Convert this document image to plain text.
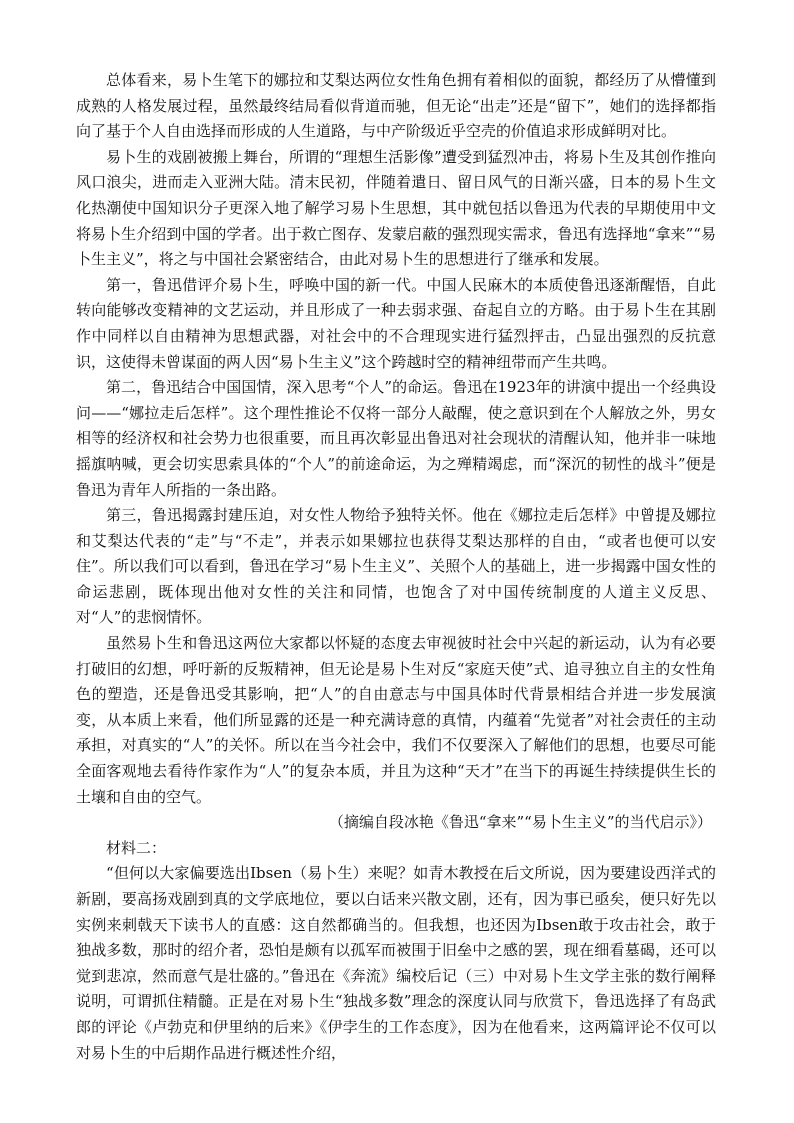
总体看来，易卜生笔下的娜拉和艾梨达两位女性角色拥有着相似的面貌，都经历了从懵懂到成熟的人格发展过程，虽然最终结局看似背道而驰，但无论“出走”还是“留下”，她们的选择都指向了基于个人自由选择而形成的人生道路，与中产阶级近乎空壳的价值追求形成鲜明对比。

易卜生的戏剧被搬上舞台，所谓的“理想生活影像”遭受到猛烈冲击，将易卜生及其创作推向风口浪尖，进而走入亚洲大陆。清末民初，伴随着遣日、留日风气的日渐兴盛，日本的易卜生文化热潮使中国知识分子更深入地了解学习易卜生思想，其中就包括以鲁迅为代表的早期使用中文将易卜生介绍到中国的学者。出于救亡图存、发蒙启蔽的强烈现实需求，鲁迅有选择地“拿来”“易卜生主义”，将之与中国社会紧密结合，由此对易卜生的思想进行了继承和发展。

第一，鲁迅借评介易卜生，呼唤中国的新一代。中国人民麻木的本质使鲁迅逐渐醒悟，自此转向能够改变精神的文艺运动，并且形成了一种去弱求强、奋起自立的方略。由于易卜生在其剧作中同样以自由精神为思想武器，对社会中的不合理现实进行猛烈抨击，凸显出强烈的反抗意识，这使得未曾谋面的两人因“易卜生主义”这个跨越时空的精神纽带而产生共鸣。

第二，鲁迅结合中国国情，深入思考“个人”的命运。鲁迅在1923年的讲演中提出一个经典设问——“娜拉走后怎样”。这个理性推论不仅将一部分人敲醒，使之意识到在个人解放之外，男女相等的经济权和社会势力也很重要，而且再次彰显出鲁迅对社会现状的清醒认知，他并非一味地摇旗呐喊，更会切实思索具体的“个人”的前途命运，为之殚精竭虑，而“深沉的韧性的战斗”便是鲁迅为青年人所指的一条出路。

第三，鲁迅揭露封建压迫，对女性人物给予独特关怀。他在《娜拉走后怎样》中曾提及娜拉和艾梨达代表的“走”与“不走”，并表示如果娜拉也获得艾梨达那样的自由，“或者也便可以安住”。所以我们可以看到，鲁迅在学习“易卜生主义”、关照个人的基础上，进一步揭露中国女性的命运悲剧，既体现出他对女性的关注和同情，也饱含了对中国传统制度的人道主义反思、对“人”的悲悯情怀。

虽然易卜生和鲁迅这两位大家都以怀疑的态度去审视彼时社会中兴起的新运动，认为有必要打破旧的幻想，呼吁新的反叛精神，但无论是易卜生对反“家庭天使”式、追寻独立自主的女性角色的塑造，还是鲁迅受其影响，把“人”的自由意志与中国具体时代背景相结合并进一步发展演变，从本质上来看，他们所显露的还是一种充满诗意的真情，内蕴着“先觉者”对社会责任的主动承担，对真实的“人”的关怀。所以在当今社会中，我们不仅要深入了解他们的思想，也要尽可能全面客观地去看待作家作为“人”的复杂本质，并且为这种“天才”在当下的再诞生持续提供生长的土壤和自由的空气。

（摘编自段冰艳《鲁迅“拿来”“易卜生主义”的当代启示》）

材料二：

“但何以大家偏要选出Ibsen（易卜生）来呢？如青木教授在后文所说，因为要建设西洋式的新剧，要高扬戏剧到真的文学底地位，要以白话来兴散文剧，还有，因为事已亟矣，便只好先以实例来刺戟天下读书人的直感：这自然都确当的。但我想，也还因为Ibsen敢于攻击社会，敢于独战多数，那时的绍介者，恐怕是颇有以孤军而被围于旧垒中之感的罢，现在细看墓碣，还可以觉到悲凉，然而意气是壮盛的。”鲁迅在《奔流》编校后记（三）中对易卜生文学主张的数行阐释说明，可谓抓住精髓。正是在对易卜生“独战多数”理念的深度认同与欣赏下，鲁迅选择了有岛武郎的评论《卢勃克和伊里纳的后来》《伊孛生的工作态度》，因为在他看来，这两篇评论不仅可以对易卜生的中后期作品进行概述性介绍，
